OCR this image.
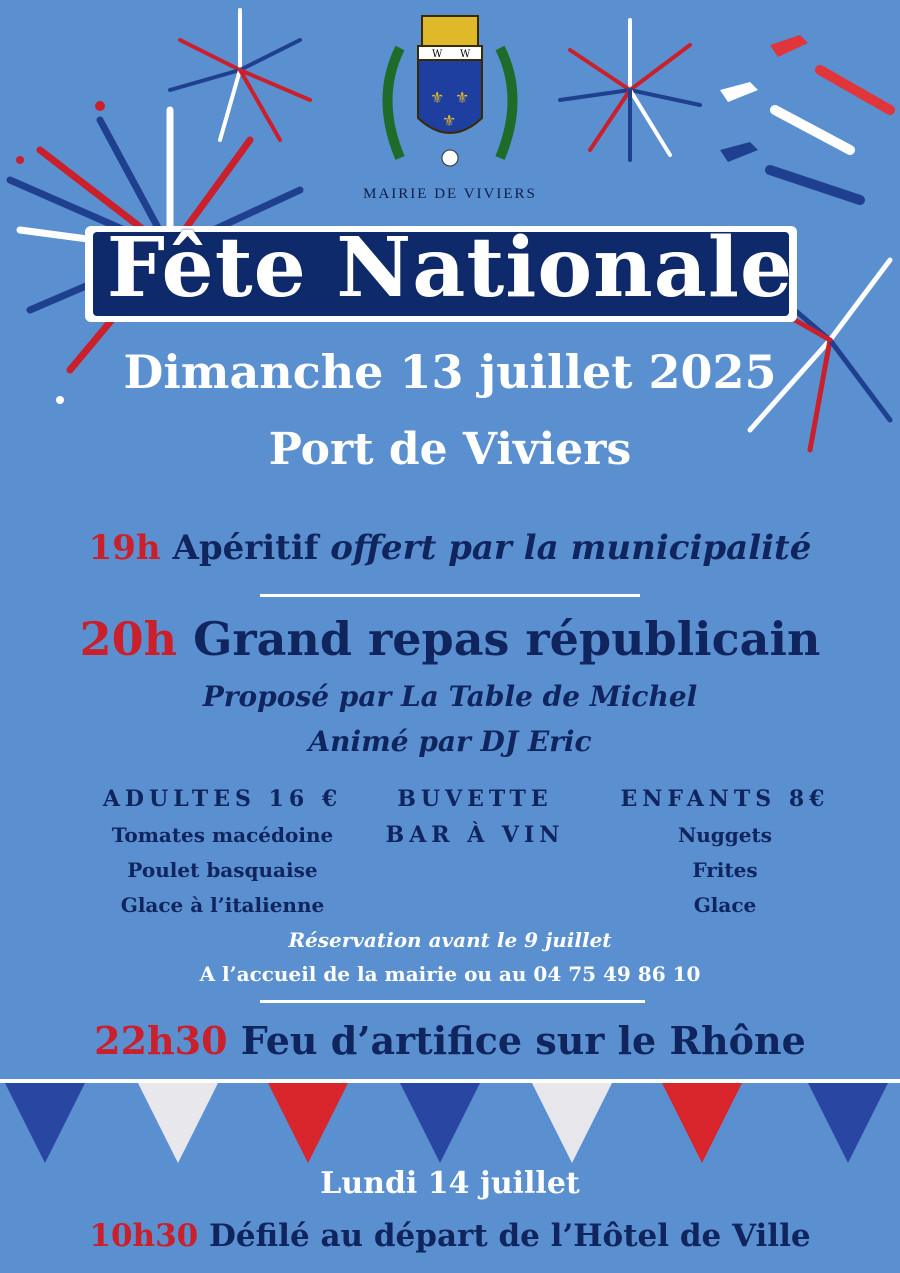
W W
⚜ ⚜
⚜
MAIRIE DE VIVIERS
Fête Nationale
Dimanche 13 juillet 2025
Port de Viviers
19h Apéritif offert par la municipalité
20h Grand repas républicain
Proposé par La Table de Michel
Animé par DJ Eric
ADULTES 16 €
Tomates macédoine
Poulet basquaise
Glace à l’italienne
BUVETTE
BAR À VIN
ENFANTS 8€
Nuggets
Frites
Glace
Réservation avant le 9 juillet
A l’accueil de la mairie ou au 04 75 49 86 10
22h30 Feu d’artifice sur le Rhône
Lundi 14 juillet
10h30 Défilé au départ de l’Hôtel de Ville
